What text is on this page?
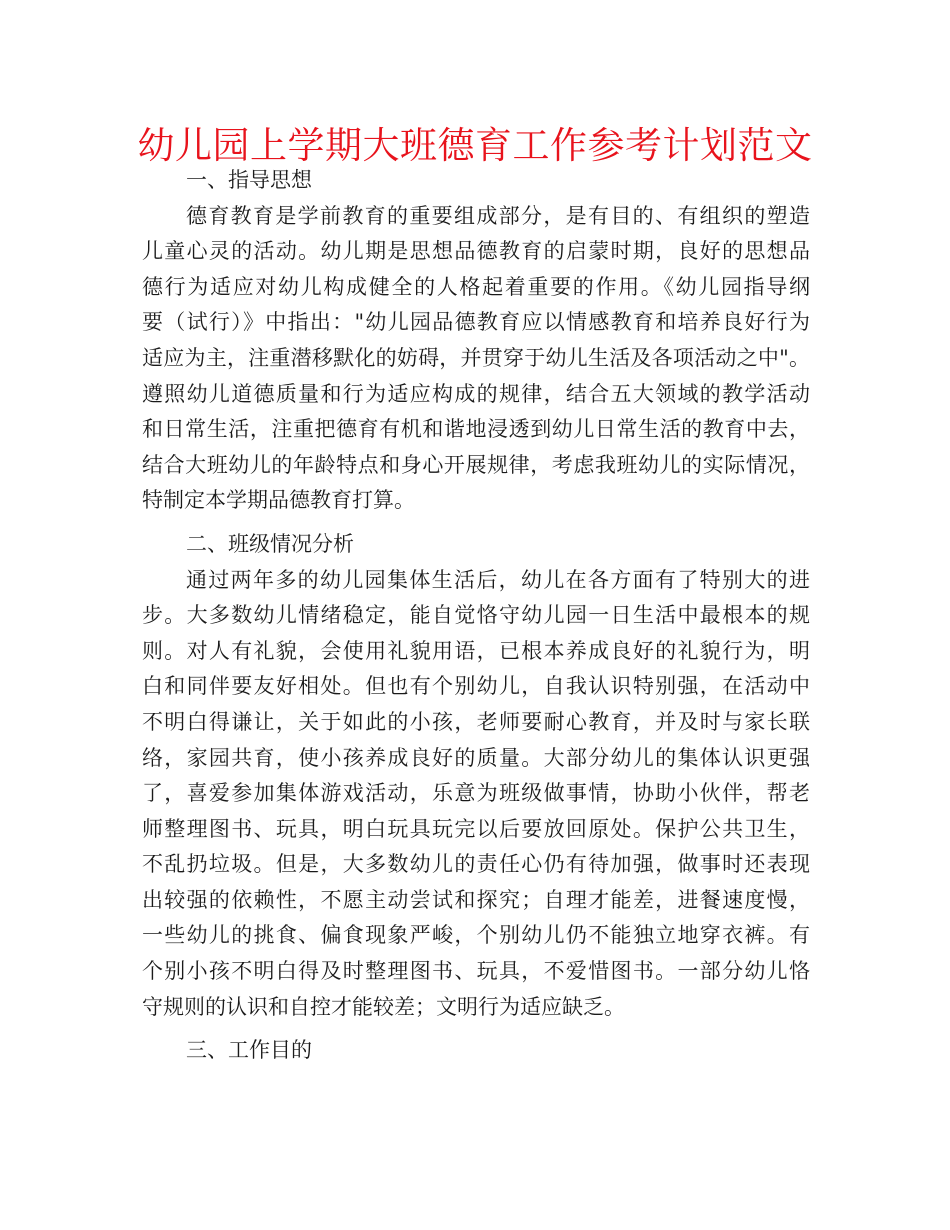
幼儿园上学期大班德育工作参考计划范文
一、指导思想
德育教育是学前教育的重要组成部分，是有目的、有组织的塑造
儿童心灵的活动。幼儿期是思想品德教育的启蒙时期，良好的思想品
德行为适应对幼儿构成健全的人格起着重要的作用。《幼儿园指导纲
要（试行）》中指出："幼儿园品德教育应以情感教育和培养良好行为
适应为主，注重潜移默化的妨碍，并贯穿于幼儿生活及各项活动之中"。
遵照幼儿道德质量和行为适应构成的规律，结合五大领域的教学活动
和日常生活，注重把德育有机和谐地浸透到幼儿日常生活的教育中去，
结合大班幼儿的年龄特点和身心开展规律，考虑我班幼儿的实际情况，
特制定本学期品德教育打算。
二、班级情况分析
通过两年多的幼儿园集体生活后，幼儿在各方面有了特别大的进
步。大多数幼儿情绪稳定，能自觉恪守幼儿园一日生活中最根本的规
则。对人有礼貌，会使用礼貌用语，已根本养成良好的礼貌行为，明
白和同伴要友好相处。但也有个别幼儿，自我认识特别强，在活动中
不明白得谦让，关于如此的小孩，老师要耐心教育，并及时与家长联
络，家园共育，使小孩养成良好的质量。大部分幼儿的集体认识更强
了，喜爱参加集体游戏活动，乐意为班级做事情，协助小伙伴，帮老
师整理图书、玩具，明白玩具玩完以后要放回原处。保护公共卫生，
不乱扔垃圾。但是，大多数幼儿的责任心仍有待加强，做事时还表现
出较强的依赖性，不愿主动尝试和探究；自理才能差，进餐速度慢，
一些幼儿的挑食、偏食现象严峻，个别幼儿仍不能独立地穿衣裤。有
个别小孩不明白得及时整理图书、玩具，不爱惜图书。一部分幼儿恪
守规则的认识和自控才能较差；文明行为适应缺乏。
三、工作目的
